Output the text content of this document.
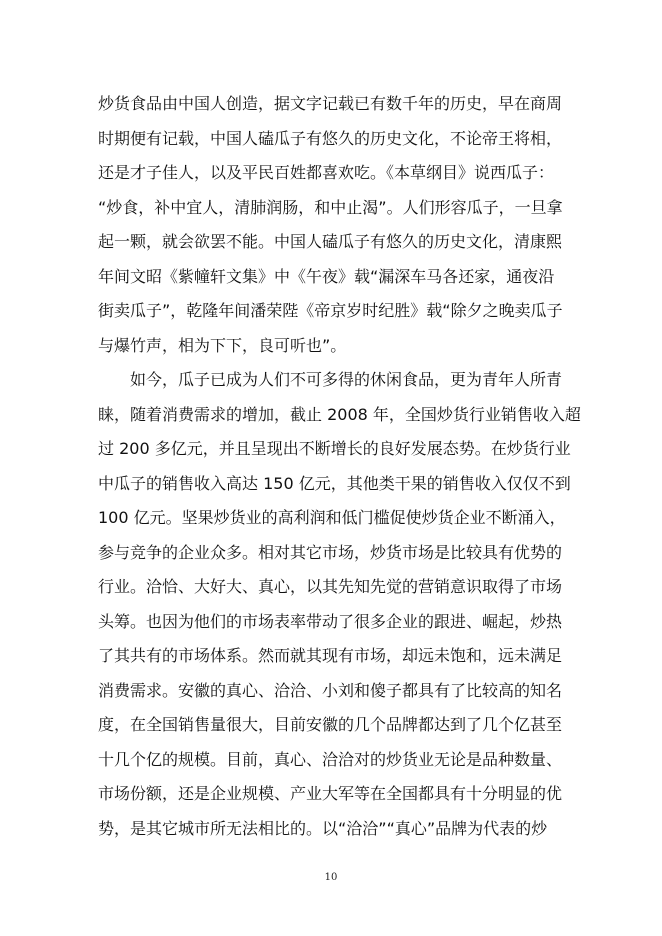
炒货食品由中国人创造，据文字记载已有数千年的历史，早在商周
时期便有记载，中国人磕瓜子有悠久的历史文化，不论帝王将相，
还是才子佳人，以及平民百姓都喜欢吃。《本草纲目》说西瓜子：
“炒食，补中宜人，清肺润肠，和中止渴”。人们形容瓜子，一旦拿
起一颗，就会欲罢不能。中国人磕瓜子有悠久的历史文化，清康熙
年间文昭《紫幢轩文集》中《午夜》载“漏深车马各还家，通夜沿
街卖瓜子”，乾隆年间潘荣陛《帝京岁时纪胜》载“除夕之晚卖瓜子
与爆竹声，相为下下，良可听也”。
　　如今，瓜子已成为人们不可多得的休闲食品，更为青年人所青
睐，随着消费需求的增加，截止 2008 年，全国炒货行业销售收入超
过 200 多亿元，并且呈现出不断增长的良好发展态势。在炒货行业
中瓜子的销售收入高达 150 亿元，其他类干果的销售收入仅仅不到
100 亿元。坚果炒货业的高利润和低门槛促使炒货企业不断涌入，
参与竞争的企业众多。相对其它市场，炒货市场是比较具有优势的
行业。洽恰、大好大、真心，以其先知先觉的营销意识取得了市场
头筹。也因为他们的市场表率带动了很多企业的跟进、崛起，炒热
了其共有的市场体系。然而就其现有市场，却远未饱和，远未满足
消费需求。安徽的真心、洽洽、小刘和傻子都具有了比较高的知名
度，在全国销售量很大，目前安徽的几个品牌都达到了几个亿甚至
十几个亿的规模。目前，真心、洽洽对的炒货业无论是品种数量、
市场份额，还是企业规模、产业大军等在全国都具有十分明显的优
势，是其它城市所无法相比的。以“洽洽”“真心”品牌为代表的炒
10
